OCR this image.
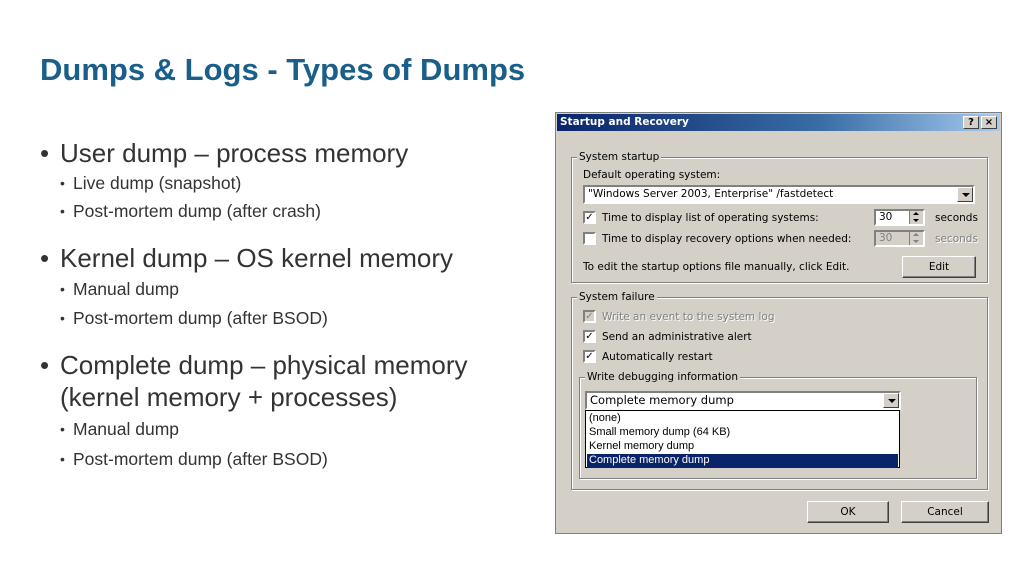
Dumps & Logs - Types of Dumps
• User dump – process memory
• Live dump (snapshot)
• Post-mortem dump (after crash)
• Kernel dump – OS kernel memory
• Manual dump
• Post-mortem dump (after BSOD)
• Complete dump – physical memory
(kernel memory + processes)
• Manual dump
• Post-mortem dump (after BSOD)
Startup and Recovery	?	×
System startup
Default operating system:
"Windows Server 2003, Enterprise" /fastdetect
✓ Time to display list of operating systems:	30	seconds
Time to display recovery options when needed:	30	seconds
To edit the startup options file manually, click Edit.	Edit
System failure
✓ Write an event to the system log
✓ Send an administrative alert
✓ Automatically restart
Write debugging information
Complete memory dump
OK	Cancel
(none)
Small memory dump (64 KB)
Kernel memory dump
Complete memory dump
